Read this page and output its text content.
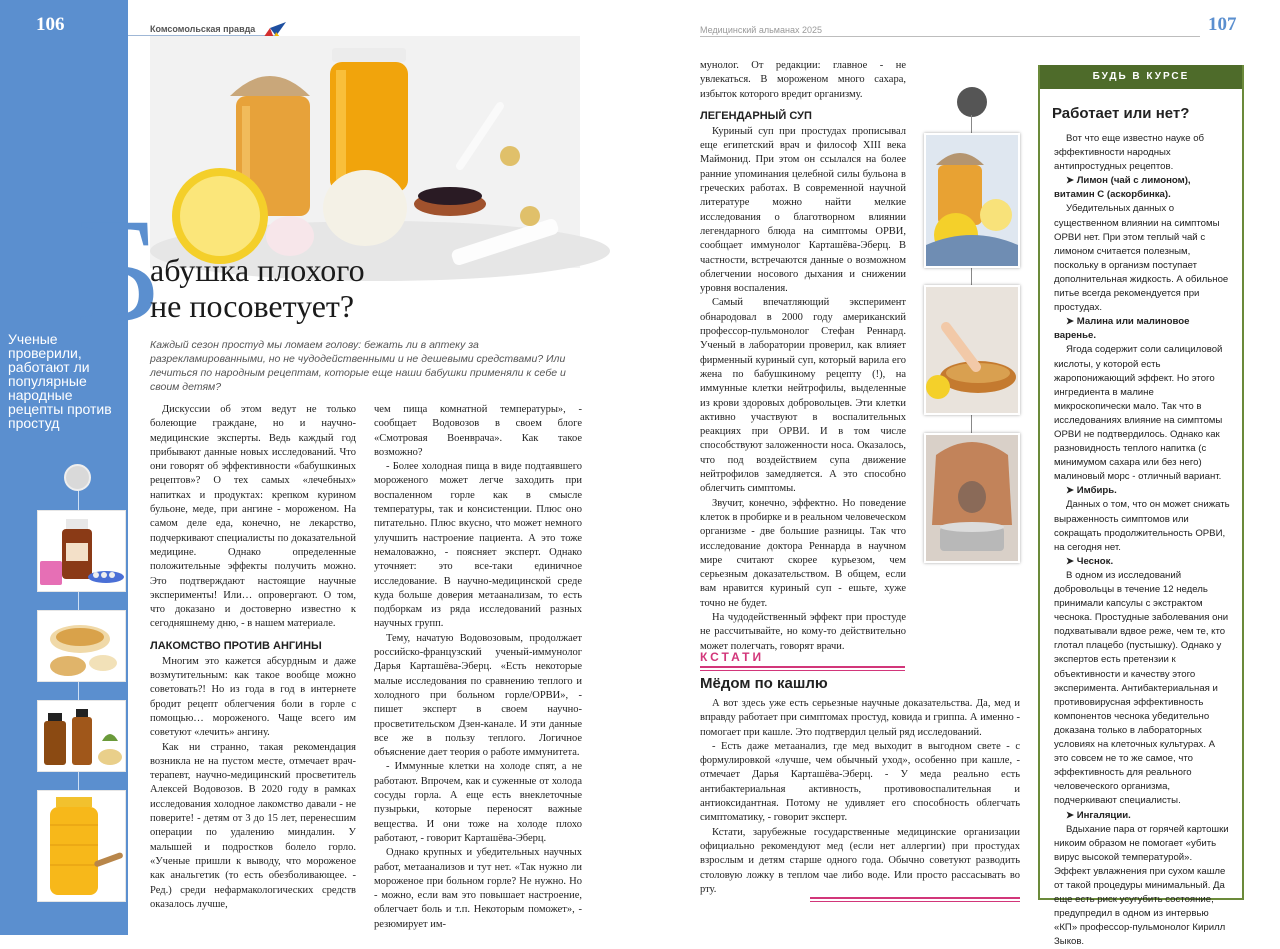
106
Ученые проверили, работают ли популярные народные рецепты против простуд
Комсомольская правда
Б
абушка плохого
не посоветует?
Каждый сезон простуд мы ломаем голову: бежать ли в аптеку за разрекламированными, но не чудодейственными и не дешевыми средствами? Или лечиться по народным рецептам, которые еще наши бабушки применяли к себе и своим детям?

Дискуссии об этом ведут не только болеющие граждане, но и научно-медицинские эксперты. Ведь каждый год прибывают данные новых исследований. Что они говорят об эффективности «бабушкиных рецептов»? О тех самых «лечебных» напитках и продуктах: крепком курином бульоне, меде, при ангине - мороженом. На самом деле еда, конечно, не лекарство, подчеркивают специалисты по доказательной медицине. Однако определенные положительные эффекты получить можно. Это подтверждают настоящие научные эксперименты! Или… опровергают. О том, что доказано и достоверно известно к сегодняшнему дню, - в нашем материале.

ЛАКОМСТВО ПРОТИВ АНГИНЫ

Многим это кажется абсурдным и даже возмутительным: как такое вообще можно советовать?! Но из года в год в интернете бродит рецепт облегчения боли в горле с помощью… мороженого. Чаще всего им советуют «лечить» ангину.

Как ни странно, такая рекомендация возникла не на пустом месте, отмечает врач-терапевт, научно-медицинский просветитель Алексей Водовозов. В 2020 году в рамках исследования холодное лакомство давали - не поверите! - детям от 3 до 15 лет, перенесшим операции по удалению миндалин. У малышей и подростков болело горло. «Ученые пришли к выводу, что мороженое как анальгетик (то есть обезболивающее. - Ред.) среди нефармакологических средств оказалось лучше,

чем пища комнатной температуры», - сообщает Водовозов в своем блоге «Смотровая Военврача». Как такое возможно?

- Более холодная пища в виде подтаявшего мороженого может легче заходить при воспаленном горле как в смысле температуры, так и консистенции. Плюс оно питательно. Плюс вкусно, что может немного улучшить настроение пациента. А это тоже немаловажно, - поясняет эксперт. Однако уточняет: это все-таки единичное исследование. В научно-медицинской среде куда больше доверия метаанализам, то есть подборкам из ряда исследований разных научных групп.

Тему, начатую Водовозовым, продолжает российско-французский ученый-иммунолог Дарья Карташёва-Эберц. «Есть некоторые малые исследования по сравнению теплого и холодного при больном горле/ОРВИ», - пишет эксперт в своем научно-просветительском Дзен-канале. И эти данные все же в пользу теплого. Логичное объяснение дает теория о работе иммунитета.

- Иммунные клетки на холоде спят, а не работают. Впрочем, как и суженные от холода сосуды горла. А еще есть внеклеточные пузырьки, которые переносят важные вещества. И они тоже на холоде плохо работают, - говорит Карташёва-Эберц.

Однако крупных и убедительных научных работ, метаанализов и тут нет. «Так нужно ли мороженое при больном горле? Не нужно. Но - можно, если вам это повышает настроение, облегчает боль и т.п. Некоторым поможет», - резюмирует им-

Медицинский альманах 2025	107

мунолог. От редакции: главное - не увлекаться. В мороженом много сахара, избыток которого вредит организму.

ЛЕГЕНДАРНЫЙ СУП

Куриный суп при простудах прописывал еще египетский врач и философ XIII века Маймонид. При этом он ссылался на более ранние упоминания целебной силы бульона в греческих работах. В современной научной литературе можно найти мелкие исследования о благотворном влиянии легендарного блюда на симптомы ОРВИ, сообщает иммунолог Карташёва-Эберц. В частности, встречаются данные о возможном облегчении носового дыхания и снижении уровня воспаления.

Самый впечатляющий эксперимент обнародовал в 2000 году американский профессор-пульмонолог Стефан Реннард. Ученый в лаборатории проверил, как влияет фирменный куриный суп, который варила его жена по бабушкиному рецепту (!), на иммунные клетки нейтрофилы, выделенные из крови здоровых добровольцев. Эти клетки активно участвуют в воспалительных реакциях при ОРВИ. И в том числе способствуют заложенности носа. Оказалось, что под воздействием супа движение нейтрофилов замедляется. А это способно облегчить симптомы.

Звучит, конечно, эффектно. Но поведение клеток в пробирке и в реальном человеческом организме - две большие разницы. Так что исследование доктора Реннарда в научном мире считают скорее курьезом, чем серьезным доказательством. В общем, если вам нравится куриный суп - ешьте, хуже точно не будет.

На чудодейственный эффект при простуде не рассчитывайте, но кому-то действительно может полегчать, говорят врачи.

КСТАТИ
Мёдом по кашлю

А вот здесь уже есть серьезные научные доказательства. Да, мед и вправду работает при симптомах простуд, ковида и гриппа. А именно - помогает при кашле. Это подтвердил целый ряд исследований.

- Есть даже метаанализ, где мед выходит в выгодном свете - с формулировкой «лучше, чем обычный уход», особенно при кашле, - отмечает Дарья Карташёва-Эберц. - У меда реально есть антибактериальная активность, противовоспалительная и антиоксидантная. Потому не удивляет его способность облегчать симптоматику, - говорит эксперт.

Кстати, зарубежные государственные медицинские организации официально рекомендуют мед (если нет аллергии) при простудах взрослым и детям старше одного года. Обычно советуют разводить столовую ложку в теплом чае либо воде. Или просто рассасывать во рту.

БУДЬ В КУРСЕ
Работает или нет?

Вот что еще известно науке об эффективности народных антипростудных рецептов.

➤ Лимон (чай с лимоном), витамин С (аскорбинка).

Убедительных данных о существенном влиянии на симптомы ОРВИ нет. При этом теплый чай с лимоном считается полезным, поскольку в организм поступает дополнительная жидкость. А обильное питье всегда рекомендуется при простудах.

➤ Малина или малиновое варенье.

Ягода содержит соли салициловой кислоты, у которой есть жаропонижающий эффект. Но этого ингредиента в малине микроскопически мало. Так что в исследованиях влияние на симптомы ОРВИ не подтвердилось. Однако как разновидность теплого напитка (с минимумом сахара или без него) малиновый морс - отличный вариант.

➤ Имбирь.

Данных о том, что он может снижать выраженность симптомов или сокращать продолжительность ОРВИ, на сегодня нет.

➤ Чеснок.

В одном из исследований добровольцы в течение 12 недель принимали капсулы с экстрактом чеснока. Простудные заболевания они подхватывали вдвое реже, чем те, кто глотал плацебо (пустышку). Однако у экспертов есть претензии к объективности и качеству этого эксперимента. Антибактериальная и противовирусная эффективность компонентов чеснока убедительно доказана только в лабораторных условиях на клеточных культурах. А это совсем не то же самое, что эффективность для реального человеческого организма, подчеркивают специалисты.

➤ Ингаляции.

Вдыхание пара от горячей картошки никоим образом не помогает «убить вирус высокой температурой». Эффект увлажнения при сухом кашле от такой процедуры минимальный. Да еще есть риск усугубить состояние, предупредил в одном из интервью «КП» профессор-пульмонолог Кирилл Зыков.
